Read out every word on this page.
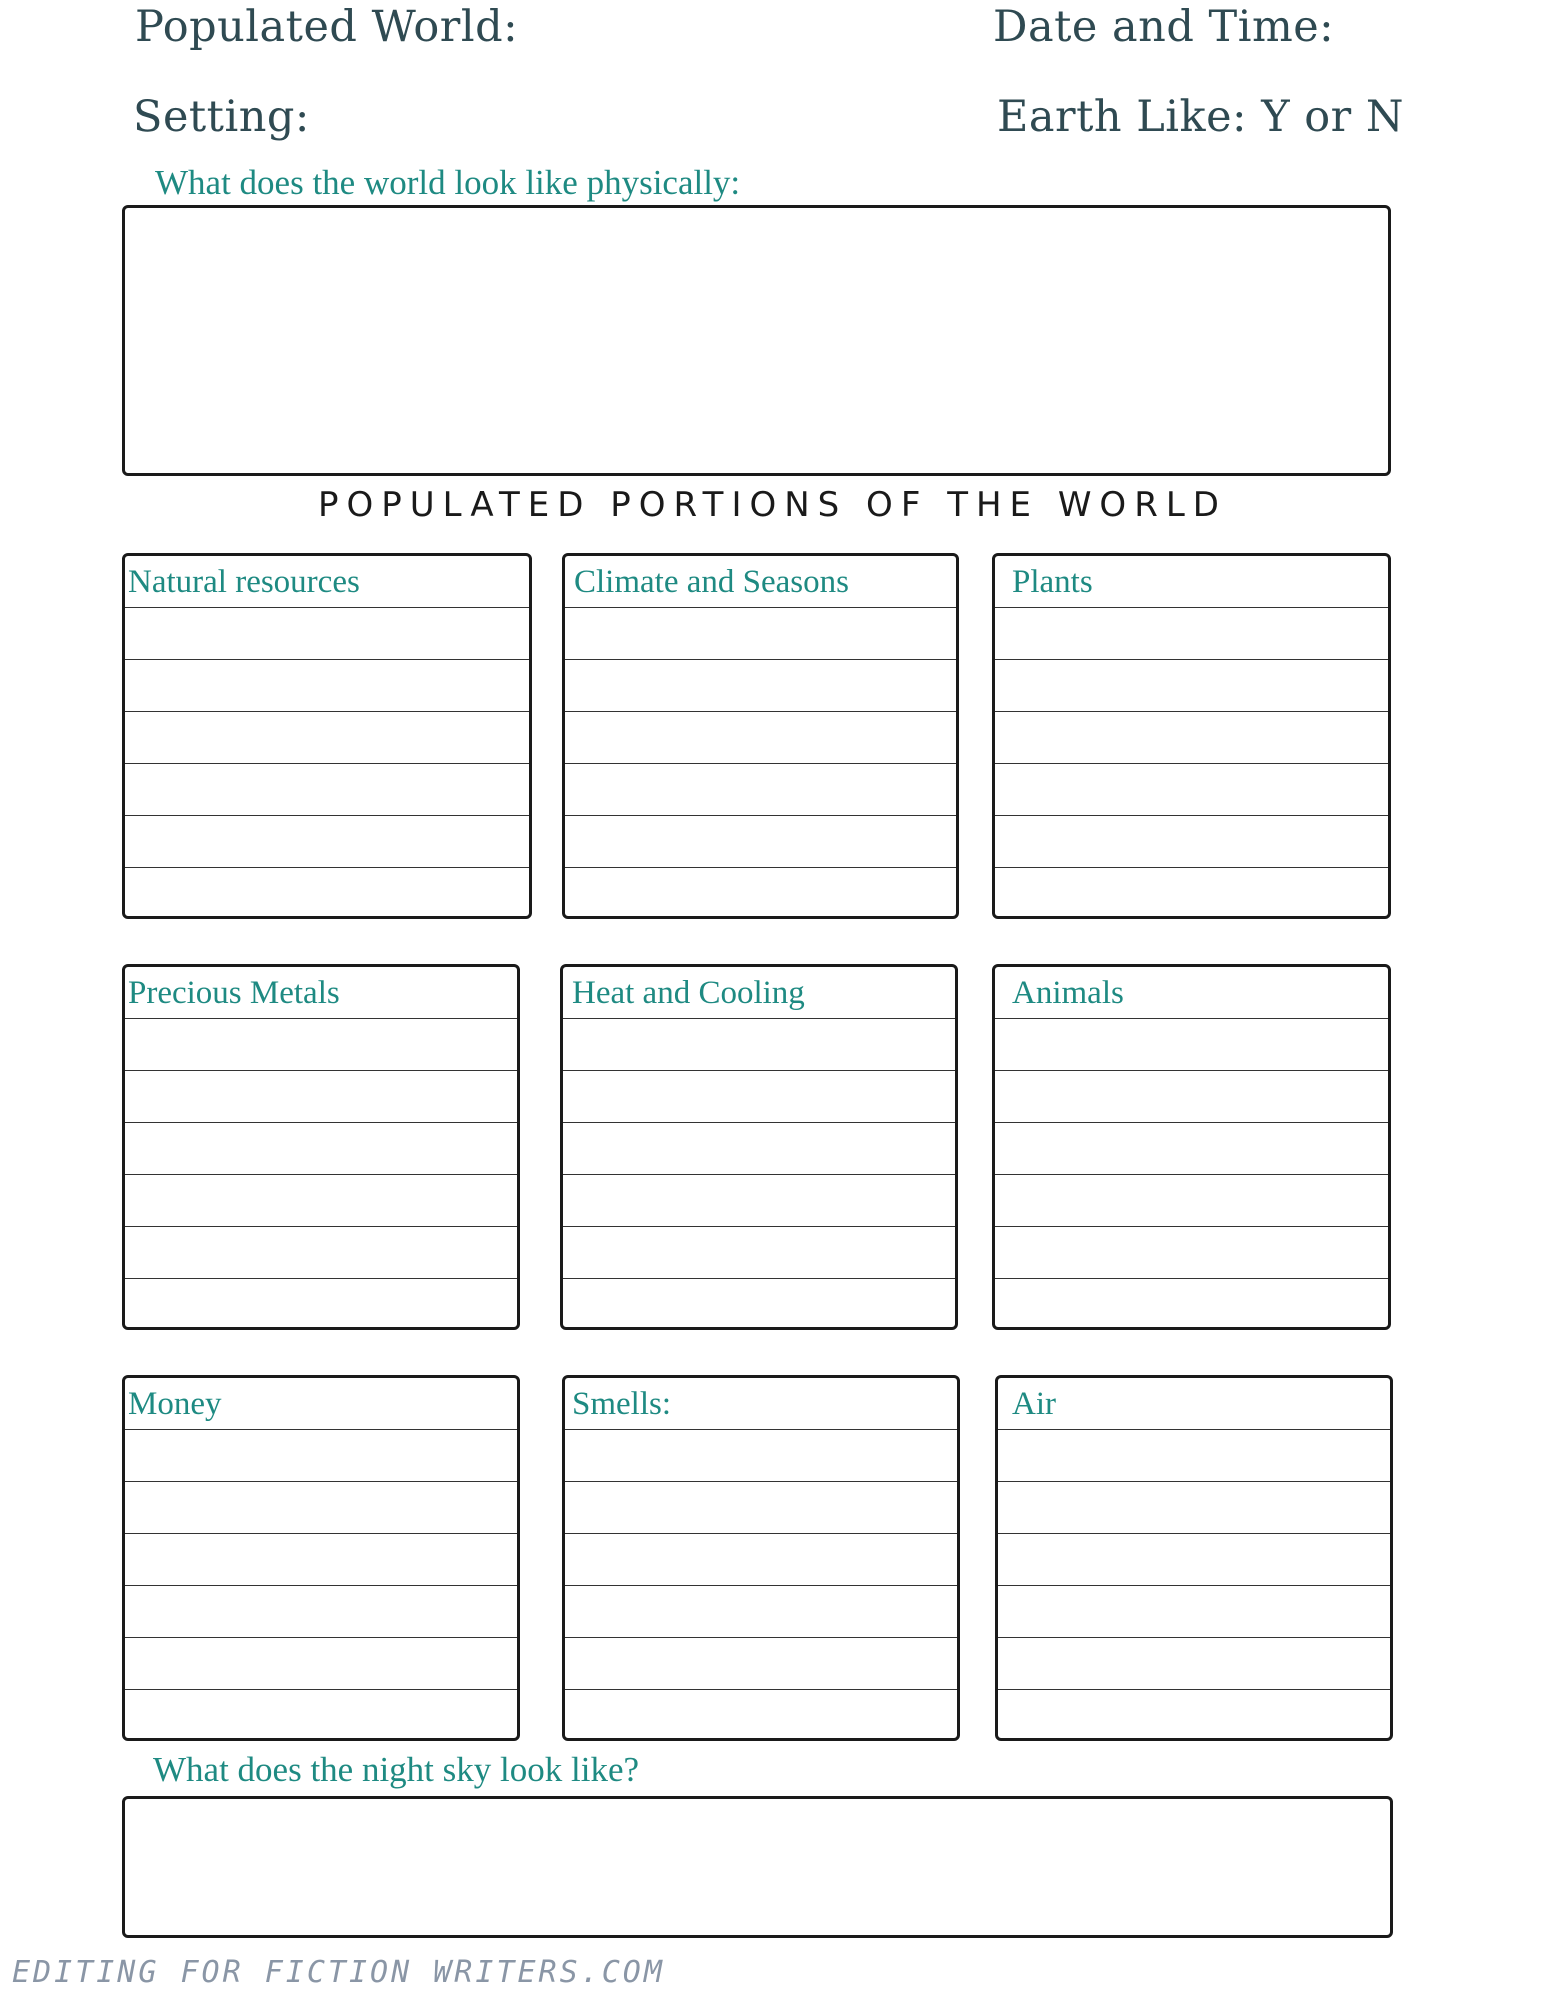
Populated World:	Date and Time:
Setting:	Earth Like: Y or N
What does the world look like physically:
POPULATED PORTIONS OF THE WORLD
Natural resources	Climate and Seasons	Plants
Precious Metals	Heat and Cooling	Animals
Money	Smells:	Air
What does the night sky look like?
EDITING FOR FICTION WRITERS.COM
